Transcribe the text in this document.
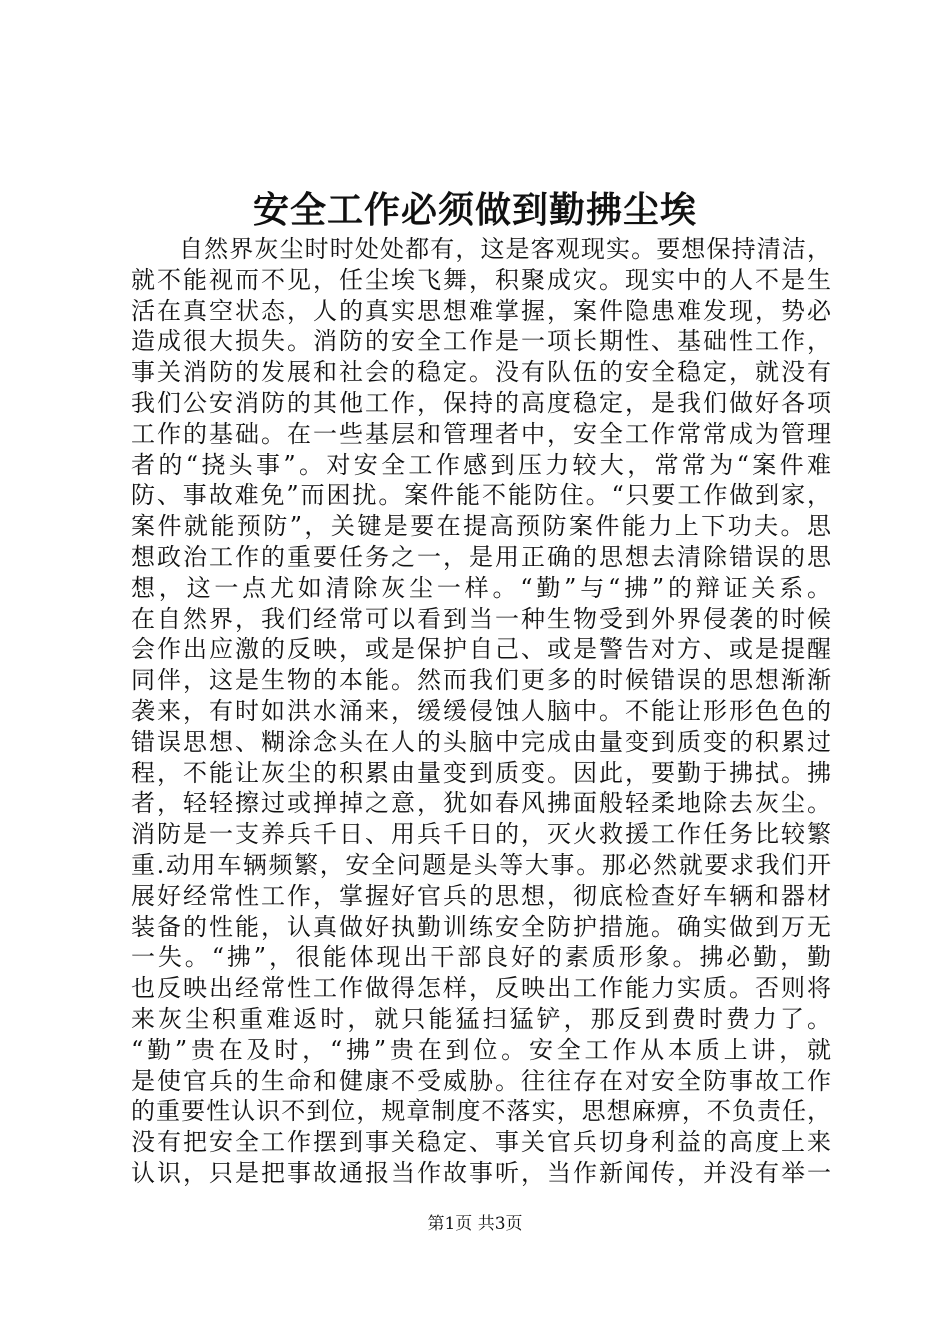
安全工作必须做到勤拂尘埃
自然界灰尘时时处处都有，这是客观现实。要想保持清洁，
就不能视而不见，任尘埃飞舞，积聚成灾。现实中的人不是生
活在真空状态，人的真实思想难掌握，案件隐患难发现，势必
造成很大损失。消防的安全工作是一项长期性、基础性工作，
事关消防的发展和社会的稳定。没有队伍的安全稳定，就没有
我们公安消防的其他工作，保持的高度稳定，是我们做好各项
工作的基础。在一些基层和管理者中，安全工作常常成为管理
者的“挠头事”。对安全工作感到压力较大，常常为“案件难
防、事故难免”而困扰。案件能不能防住。“只要工作做到家，
案件就能预防”，关键是要在提高预防案件能力上下功夫。思
想政治工作的重要任务之一，是用正确的思想去清除错误的思
想，这一点尤如清除灰尘一样。“勤”与“拂”的辩证关系。
在自然界，我们经常可以看到当一种生物受到外界侵袭的时候
会作出应激的反映，或是保护自己、或是警告对方、或是提醒
同伴，这是生物的本能。然而我们更多的时候错误的思想渐渐
袭来，有时如洪水涌来，缓缓侵蚀人脑中。不能让形形色色的
错误思想、糊涂念头在人的头脑中完成由量变到质变的积累过
程，不能让灰尘的积累由量变到质变。因此，要勤于拂拭。拂
者，轻轻擦过或掸掉之意，犹如春风拂面般轻柔地除去灰尘。
消防是一支养兵千日、用兵千日的，灭火救援工作任务比较繁
重.动用车辆频繁，安全问题是头等大事。那必然就要求我们开
展好经常性工作，掌握好官兵的思想，彻底检查好车辆和器材
装备的性能，认真做好执勤训练安全防护措施。确实做到万无
一失。“拂”，很能体现出干部良好的素质形象。拂必勤，勤
也反映出经常性工作做得怎样，反映出工作能力实质。否则将
来灰尘积重难返时，就只能猛扫猛铲，那反到费时费力了。
“勤”贵在及时，“拂”贵在到位。安全工作从本质上讲，就
是使官兵的生命和健康不受威胁。往往存在对安全防事故工作
的重要性认识不到位，规章制度不落实，思想麻痹，不负责任，
没有把安全工作摆到事关稳定、事关官兵切身利益的高度上来
认识，只是把事故通报当作故事听，当作新闻传，并没有举一
第1页 共3页
